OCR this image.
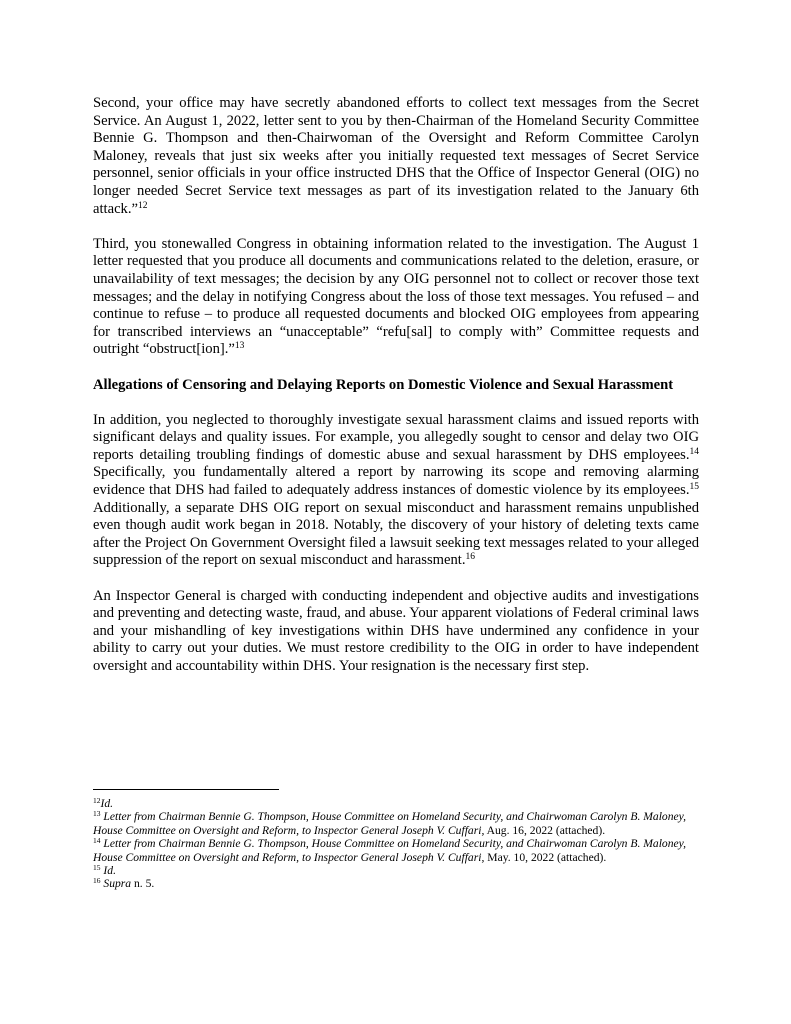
Second, your office may have secretly abandoned efforts to collect text messages from the Secret Service. An August 1, 2022, letter sent to you by then-Chairman of the Homeland Security Committee Bennie G. Thompson and then-Chairwoman of the Oversight and Reform Committee Carolyn Maloney, reveals that just six weeks after you initially requested text messages of Secret Service personnel, senior officials in your office instructed DHS that the Office of Inspector General (OIG) no longer needed Secret Service text messages as part of its investigation related to the January 6th attack.”$^{12}$

Third, you stonewalled Congress in obtaining information related to the investigation. The August 1 letter requested that you produce all documents and communications related to the deletion, erasure, or unavailability of text messages; the decision by any OIG personnel not to collect or recover those text messages; and the delay in notifying Congress about the loss of those text messages. You refused – and continue to refuse – to produce all requested documents and blocked OIG employees from appearing for transcribed interviews an “unacceptable” “refu[sal] to comply with” Committee requests and outright “obstruct[ion].”$^{13}$

Allegations of Censoring and Delaying Reports on Domestic Violence and Sexual Harassment

In addition, you neglected to thoroughly investigate sexual harassment claims and issued reports with significant delays and quality issues. For example, you allegedly sought to censor and delay two OIG reports detailing troubling findings of domestic abuse and sexual harassment by DHS employees.$^{14}$ Specifically, you fundamentally altered a report by narrowing its scope and removing alarming evidence that DHS had failed to adequately address instances of domestic violence by its employees.$^{15}$ Additionally, a separate DHS OIG report on sexual misconduct and harassment remains unpublished even though audit work began in 2018. Notably, the discovery of your history of deleting texts came after the Project On Government Oversight filed a lawsuit seeking text messages related to your alleged suppression of the report on sexual misconduct and harassment.$^{16}$

An Inspector General is charged with conducting independent and objective audits and investigations and preventing and detecting waste, fraud, and abuse. Your apparent violations of Federal criminal laws and your mishandling of key investigations within DHS have undermined any confidence in your ability to carry out your duties. We must restore credibility to the OIG in order to have independent oversight and accountability within DHS. Your resignation is the necessary first step.

$^{12}$Id.

$^{13}$ Letter from Chairman Bennie G. Thompson, House Committee on Homeland Security, and Chairwoman Carolyn B. Maloney, House Committee on Oversight and Reform, to Inspector General Joseph V. Cuffari, Aug. 16, 2022 (attached).

$^{14}$ Letter from Chairman Bennie G. Thompson, House Committee on Homeland Security, and Chairwoman Carolyn B. Maloney, House Committee on Oversight and Reform, to Inspector General Joseph V. Cuffari, May. 10, 2022 (attached).

$^{15}$ Id.

$^{16}$ Supra n. 5.
